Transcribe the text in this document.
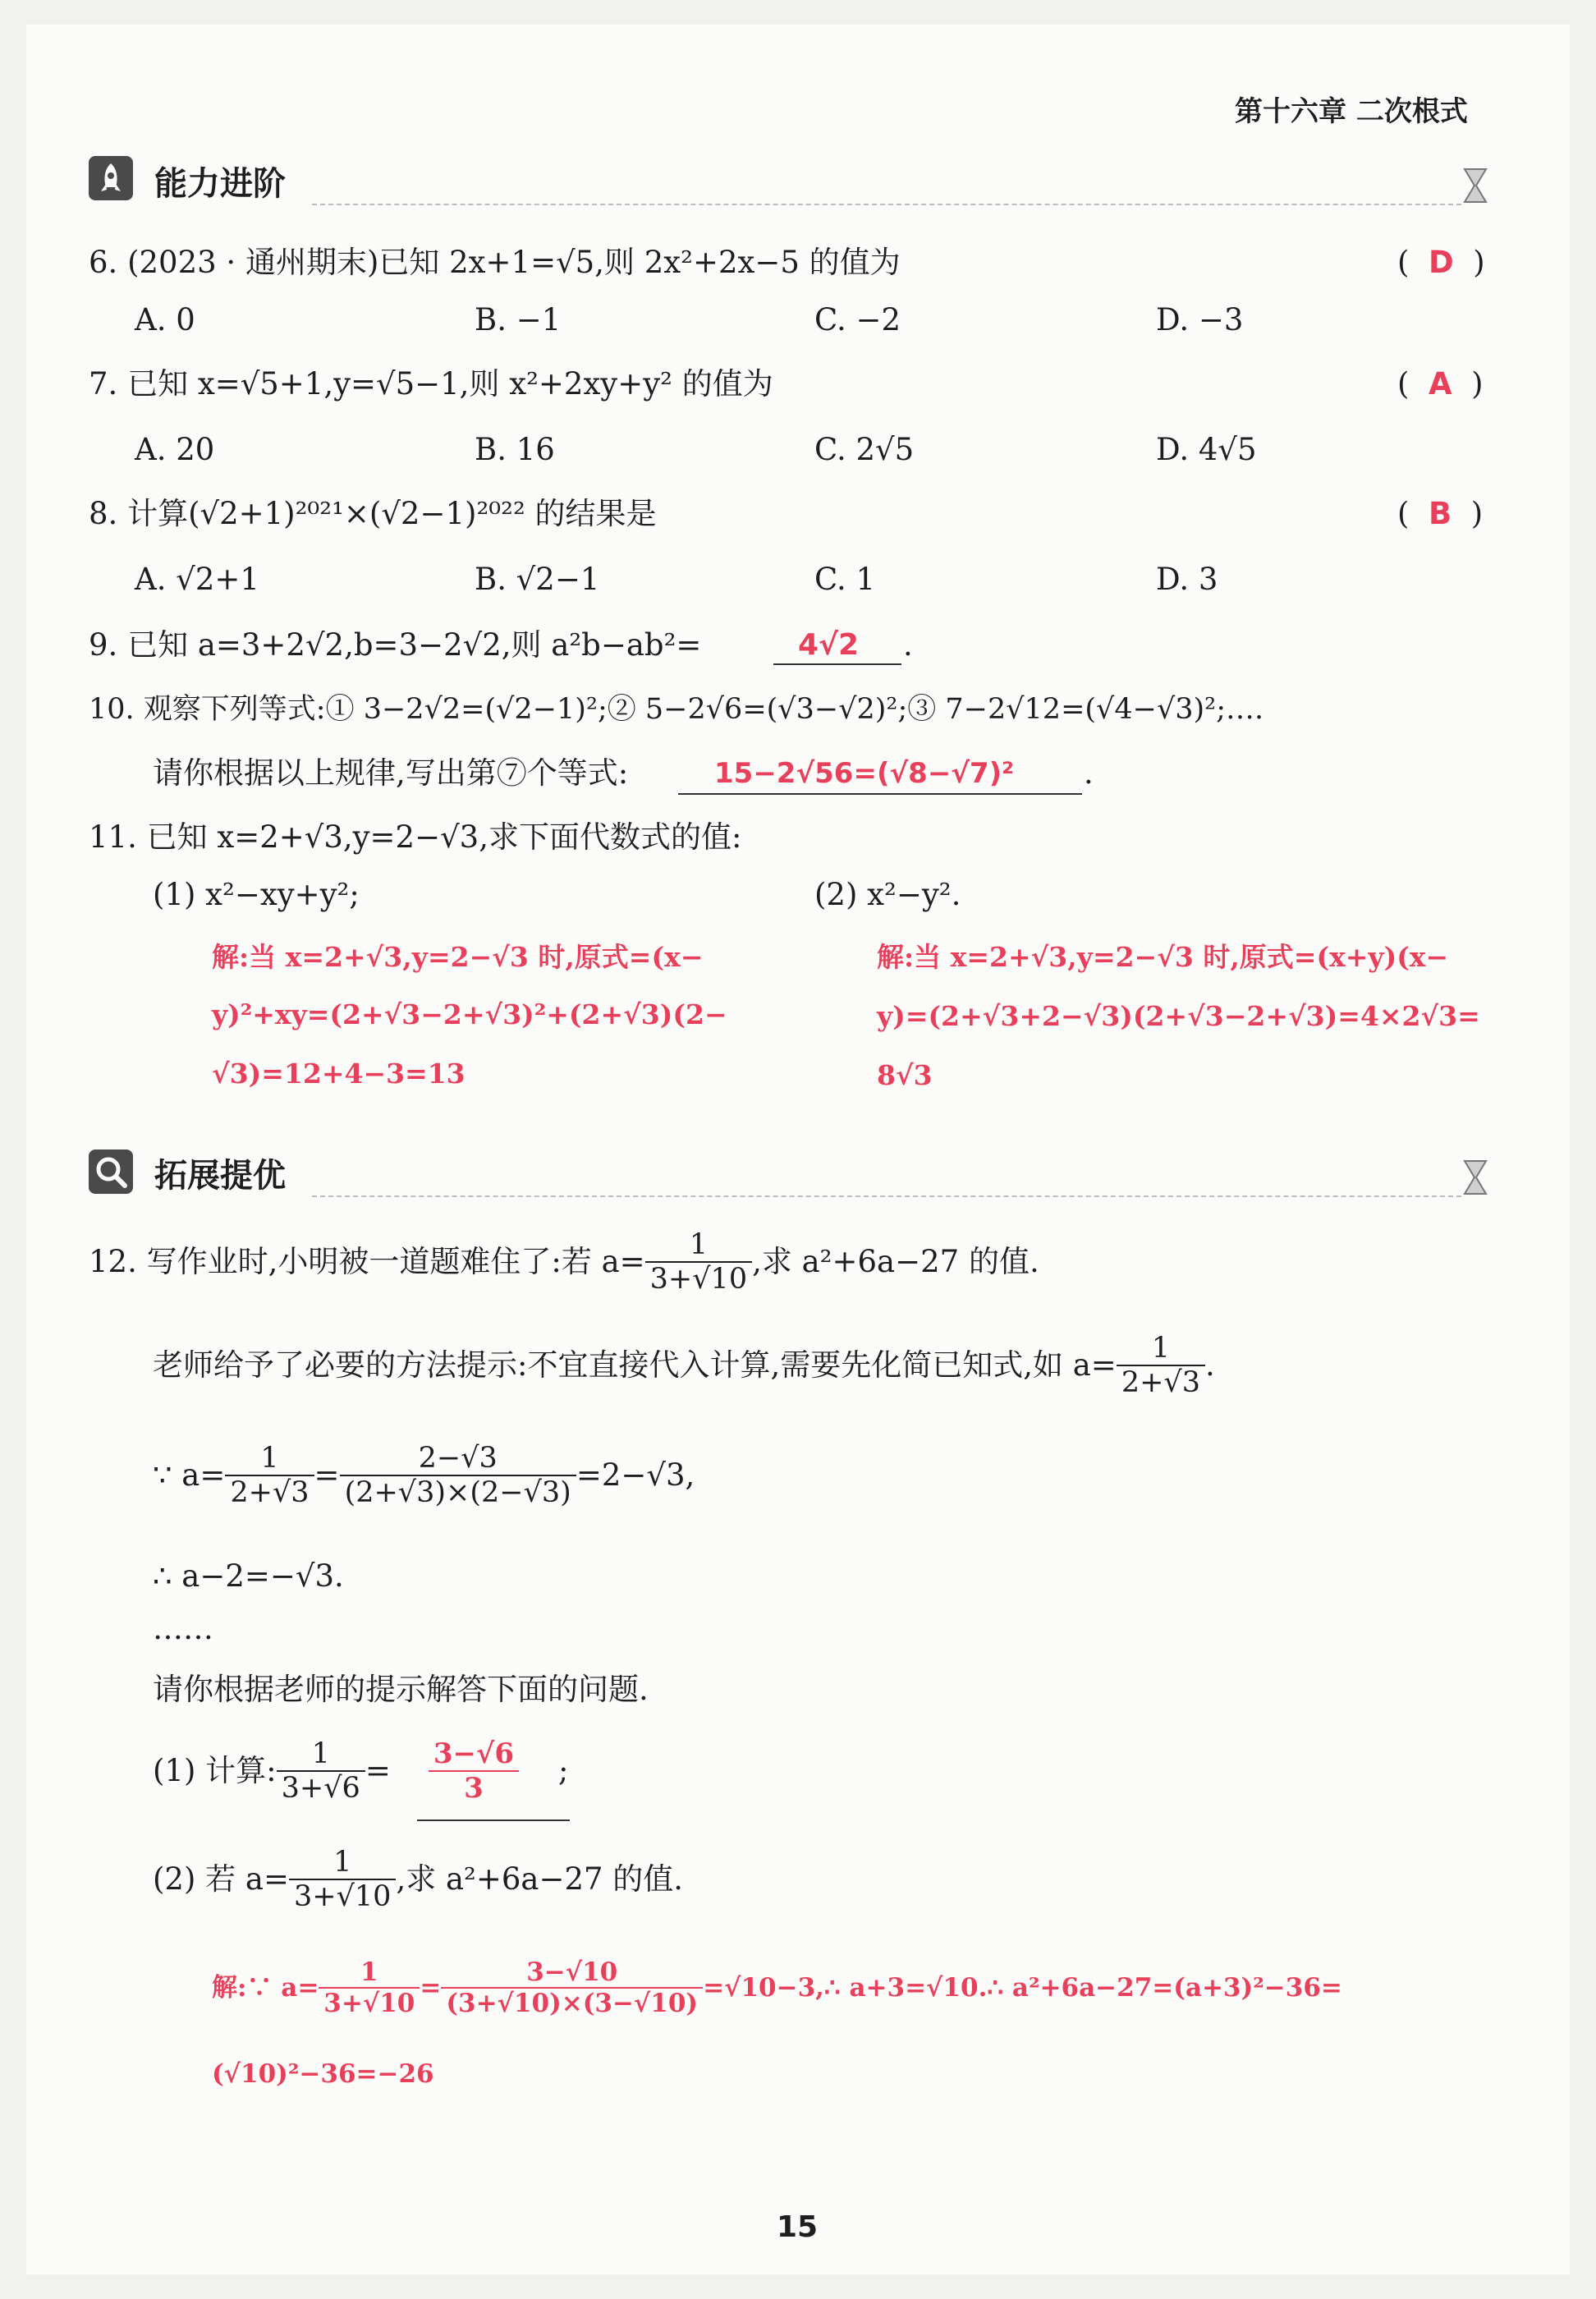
第十六章 二次根式
能力进阶
6. (2023 · 通州期末)已知 2x+1=√5,则 2x²+2x−5 的值为	(  D  )
A. 0	B. −1	C. −2	D. −3
7. 已知 x=√5+1,y=√5−1,则 x²+2xy+y² 的值为	(  A  )
A. 20	B. 16	C. 2√5	D. 4√5
8. 计算(√2+1)²⁰²¹×(√2−1)²⁰²² 的结果是	(  B  )
A. √2+1	B. √2−1	C. 1	D. 3
9. 已知 a=3+2√2,b=3−2√2,则 a²b−ab²=	4√2 .
10. 观察下列等式:① 3−2√2=(√2−1)²;② 5−2√6=(√3−√2)²;③ 7−2√12=(√4−√3)²;….
请你根据以上规律,写出第⑦个等式:	15−2√56=(√8−√7)² .
11. 已知 x=2+√3,y=2−√3,求下面代数式的值:
(1) x²−xy+y²;	(2) x²−y².
解:当 x=2+√3,y=2−√3 时,原式=(x−
y)²+xy=(2+√3−2+√3)²+(2+√3)(2−
√3)=12+4−3=13
解:当 x=2+√3,y=2−√3 时,原式=(x+y)(x−
y)=(2+√3+2−√3)(2+√3−2+√3)=4×2√3=
8√3
拓展提优
12. 写作业时,小明被一道题难住了:若 $a= \frac{1}{3+√10}$ ,求 a²+6a−27 的值.
老师给予了必要的方法提示:不宜直接代入计算,需要先化简已知式,如 $a= \frac{1}{2+√3}$ .
∵ $a= \frac{1}{2+√3} = \frac{2-√3}{(2+√3)\times(2-√3)} =2-√3$,
∴ a−2=−√3.
……
请你根据老师的提示解答下面的问题.
(1) 计算: $\frac{1}{3+√6} = \frac{3-√6}{3}$ ;
(2) 若 $a= \frac{1}{3+√10}$ ,求 a²+6a−27 的值.
解:∵ $a= \frac{1}{3+√10} = \frac{3-√10}{(3+√10)\times(3-√10)}$ =√10−3,∴ a+3=√10.∴ a²+6a−27=(a+3)²−36=
(√10)²−36=−26
15
